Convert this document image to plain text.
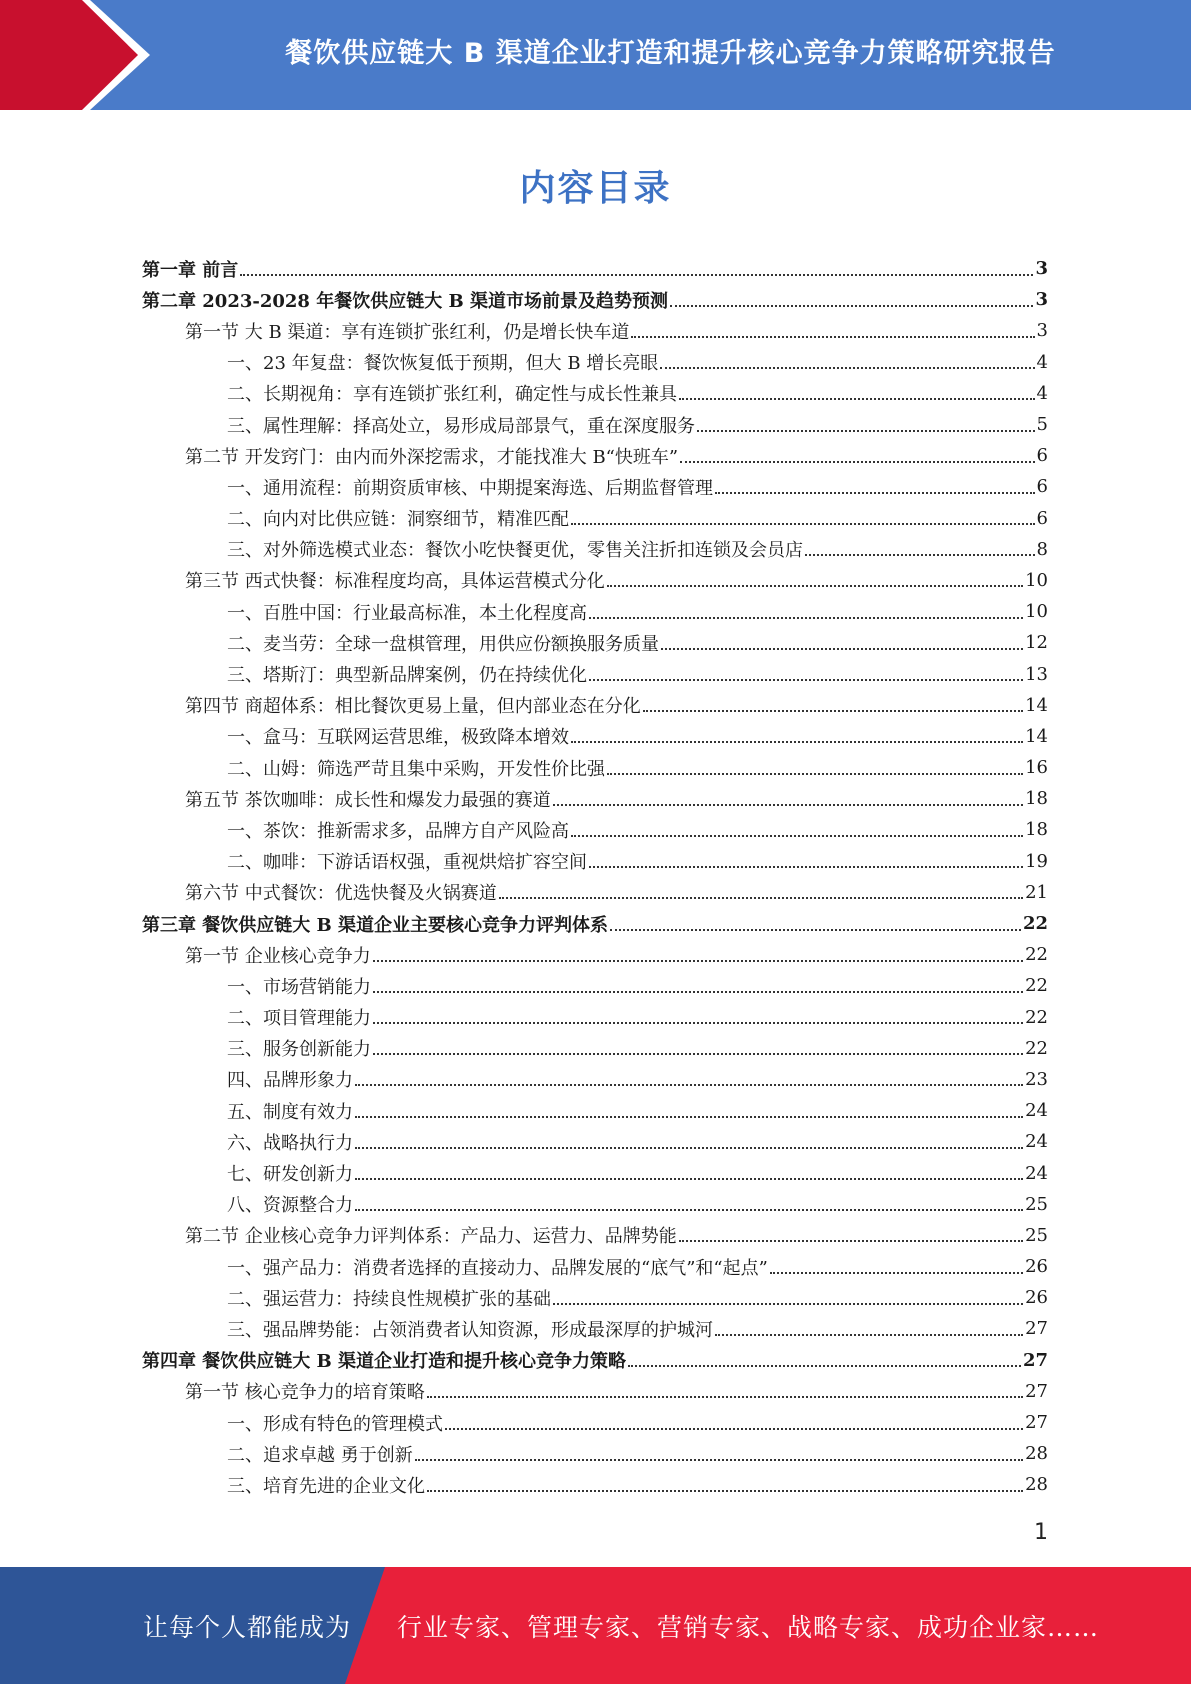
餐饮供应链大 B 渠道企业打造和提升核心竞争力策略研究报告
内容目录
第一章 前言	3
第二章 2023-2028 年餐饮供应链大 B 渠道市场前景及趋势预测	3
第一节 大 B 渠道：享有连锁扩张红利，仍是增长快车道	3
一、23 年复盘：餐饮恢复低于预期，但大 B 增长亮眼	4
二、长期视角：享有连锁扩张红利，确定性与成长性兼具	4
三、属性理解：择高处立，易形成局部景气，重在深度服务	5
第二节 开发窍门：由内而外深挖需求，才能找准大 B“快班车”	6
一、通用流程：前期资质审核、中期提案海选、后期监督管理	6
二、向内对比供应链：洞察细节，精准匹配	6
三、对外筛选模式业态：餐饮小吃快餐更优，零售关注折扣连锁及会员店	8
第三节 西式快餐：标准程度均高，具体运营模式分化	10
一、百胜中国：行业最高标准，本土化程度高	10
二、麦当劳：全球一盘棋管理，用供应份额换服务质量	12
三、塔斯汀：典型新品牌案例，仍在持续优化	13
第四节 商超体系：相比餐饮更易上量，但内部业态在分化	14
一、盒马：互联网运营思维，极致降本增效	14
二、山姆：筛选严苛且集中采购，开发性价比强	16
第五节 茶饮咖啡：成长性和爆发力最强的赛道	18
一、茶饮：推新需求多，品牌方自产风险高	18
二、咖啡：下游话语权强，重视烘焙扩容空间	19
第六节 中式餐饮：优选快餐及火锅赛道	21
第三章 餐饮供应链大 B 渠道企业主要核心竞争力评判体系	22
第一节 企业核心竞争力	22
一、市场营销能力	22
二、项目管理能力	22
三、服务创新能力	22
四、品牌形象力	23
五、制度有效力	24
六、战略执行力	24
七、研发创新力	24
八、资源整合力	25
第二节 企业核心竞争力评判体系：产品力、运营力、品牌势能	25
一、强产品力：消费者选择的直接动力、品牌发展的“底气”和“起点”	26
二、强运营力：持续良性规模扩张的基础	26
三、强品牌势能：占领消费者认知资源，形成最深厚的护城河	27
第四章 餐饮供应链大 B 渠道企业打造和提升核心竞争力策略	27
第一节 核心竞争力的培育策略	27
一、形成有特色的管理模式	27
二、追求卓越 勇于创新	28
三、培育先进的企业文化	28
1
让每个人都能成为 行业专家、管理专家、营销专家、战略专家、成功企业家……
